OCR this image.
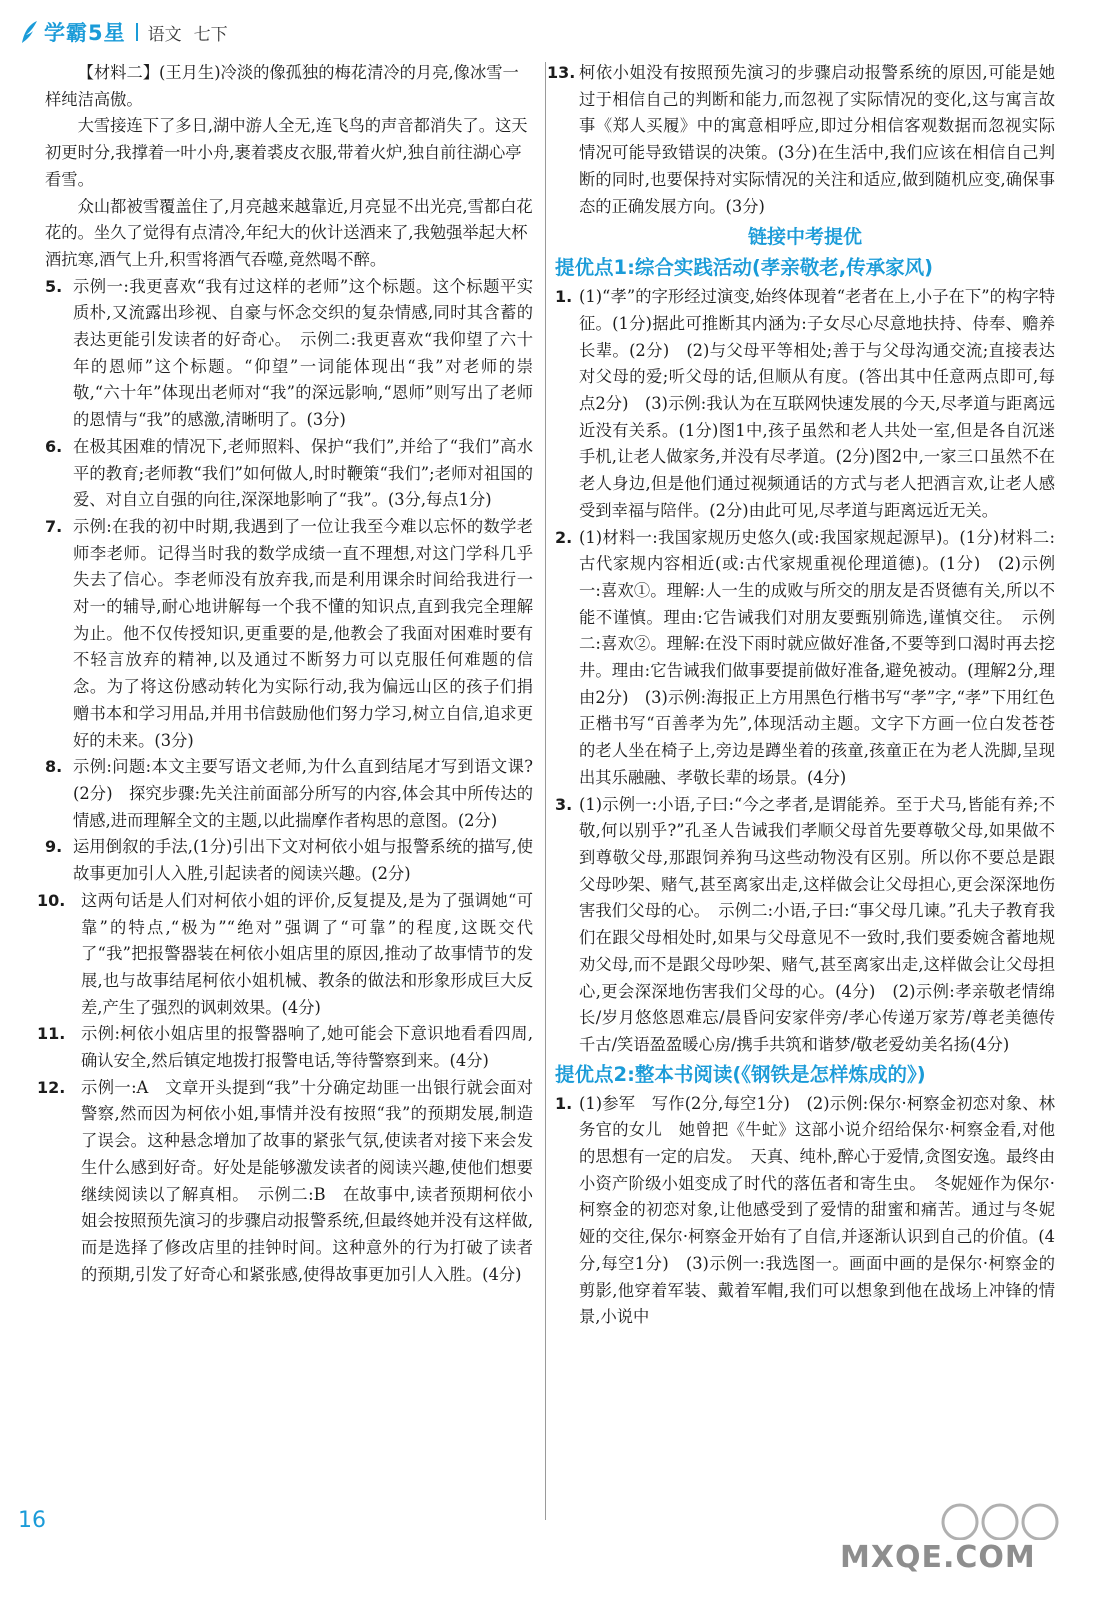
学霸5星 语文 七下

【材料二】(王月生)冷淡的像孤独的梅花清冷的月亮,像冰雪一样纯洁高傲。

大雪接连下了多日,湖中游人全无,连飞鸟的声音都消失了。这天初更时分,我撑着一叶小舟,裹着裘皮衣服,带着火炉,独自前往湖心亭看雪。

众山都被雪覆盖住了,月亮越来越靠近,月亮显不出光亮,雪都白花花的。坐久了觉得有点清冷,年纪大的伙计送酒来了,我勉强举起大杯酒抗寒,酒气上升,积雪将酒气吞噬,竟然喝不醉。

5. 示例一:我更喜欢“我有过这样的老师”这个标题。这个标题平实质朴,又流露出珍视、自豪与怀念交织的复杂情感,同时其含蓄的表达更能引发读者的好奇心。　示例二:我更喜欢“我仰望了六十年的恩师”这个标题。“仰望”一词能体现出“我”对老师的崇敬,“六十年”体现出老师对“我”的深远影响,“恩师”则写出了老师的恩情与“我”的感激,清晰明了。(3分)
6. 在极其困难的情况下,老师照料、保护“我们”,并给了“我们”高水平的教育;老师教“我们”如何做人,时时鞭策“我们”;老师对祖国的爱、对自立自强的向往,深深地影响了“我”。(3分,每点1分)
7. 示例:在我的初中时期,我遇到了一位让我至今难以忘怀的数学老师李老师。记得当时我的数学成绩一直不理想,对这门学科几乎失去了信心。李老师没有放弃我,而是利用课余时间给我进行一对一的辅导,耐心地讲解每一个我不懂的知识点,直到我完全理解为止。他不仅传授知识,更重要的是,他教会了我面对困难时要有不轻言放弃的精神,以及通过不断努力可以克服任何难题的信念。为了将这份感动转化为实际行动,我为偏远山区的孩子们捐赠书本和学习用品,并用书信鼓励他们努力学习,树立自信,追求更好的未来。(3分)
8. 示例:问题:本文主要写语文老师,为什么直到结尾才写到语文课?(2分)　探究步骤:先关注前面部分所写的内容,体会其中所传达的情感,进而理解全文的主题,以此揣摩作者构思的意图。(2分)
9. 运用倒叙的手法,(1分)引出下文对柯依小姐与报警系统的描写,使故事更加引人入胜,引起读者的阅读兴趣。(2分)
10. 这两句话是人们对柯依小姐的评价,反复提及,是为了强调她“可靠”的特点,“极为”“绝对”强调了“可靠”的程度,这既交代了“我”把报警器装在柯依小姐店里的原因,推动了故事情节的发展,也与故事结尾柯依小姐机械、教条的做法和形象形成巨大反差,产生了强烈的讽刺效果。(4分)
11. 示例:柯依小姐店里的报警器响了,她可能会下意识地看看四周,确认安全,然后镇定地拨打报警电话,等待警察到来。(4分)
12. 示例一:A　文章开头提到“我”十分确定劫匪一出银行就会面对警察,然而因为柯依小姐,事情并没有按照“我”的预期发展,制造了误会。这种悬念增加了故事的紧张气氛,使读者对接下来会发生什么感到好奇。好处是能够激发读者的阅读兴趣,使他们想要继续阅读以了解真相。　示例二:B　在故事中,读者预期柯依小姐会按照预先演习的步骤启动报警系统,但最终她并没有这样做,而是选择了修改店里的挂钟时间。这种意外的行为打破了读者的预期,引发了好奇心和紧张感,使得故事更加引人入胜。(4分)
13. 柯依小姐没有按照预先演习的步骤启动报警系统的原因,可能是她过于相信自己的判断和能力,而忽视了实际情况的变化,这与寓言故事《郑人买履》中的寓意相呼应,即过分相信客观数据而忽视实际情况可能导致错误的决策。(3分)在生活中,我们应该在相信自己判断的同时,也要保持对实际情况的关注和适应,做到随机应变,确保事态的正确发展方向。(3分)
链接中考提优
提优点1:综合实践活动(孝亲敬老,传承家风)
1. (1)“孝”的字形经过演变,始终体现着“老者在上,小子在下”的构字特征。(1分)据此可推断其内涵为:子女尽心尽意地扶持、侍奉、赡养长辈。(2分)　(2)与父母平等相处;善于与父母沟通交流;直接表达对父母的爱;听父母的话,但顺从有度。(答出其中任意两点即可,每点2分)　(3)示例:我认为在互联网快速发展的今天,尽孝道与距离远近没有关系。(1分)图1中,孩子虽然和老人共处一室,但是各自沉迷手机,让老人做家务,并没有尽孝道。(2分)图2中,一家三口虽然不在老人身边,但是他们通过视频通话的方式与老人把酒言欢,让老人感受到幸福与陪伴。(2分)由此可见,尽孝道与距离远近无关。
2. (1)材料一:我国家规历史悠久(或:我国家规起源早)。(1分)材料二:古代家规内容相近(或:古代家规重视伦理道德)。(1分)　(2)示例一:喜欢①。理解:人一生的成败与所交的朋友是否贤德有关,所以不能不谨慎。理由:它告诫我们对朋友要甄别筛选,谨慎交往。　示例二:喜欢②。理解:在没下雨时就应做好准备,不要等到口渴时再去挖井。理由:它告诫我们做事要提前做好准备,避免被动。(理解2分,理由2分)　(3)示例:海报正上方用黑色行楷书写“孝”字,“孝”下用红色正楷书写“百善孝为先”,体现活动主题。文字下方画一位白发苍苍的老人坐在椅子上,旁边是蹲坐着的孩童,孩童正在为老人洗脚,呈现出其乐融融、孝敬长辈的场景。(4分)
3. (1)示例一:小语,子曰:“今之孝者,是谓能养。至于犬马,皆能有养;不敬,何以别乎?”孔圣人告诫我们孝顺父母首先要尊敬父母,如果做不到尊敬父母,那跟饲养狗马这些动物没有区别。所以你不要总是跟父母吵架、赌气,甚至离家出走,这样做会让父母担心,更会深深地伤害我们父母的心。　示例二:小语,子曰:“事父母几谏。”孔夫子教育我们在跟父母相处时,如果与父母意见不一致时,我们要委婉含蓄地规劝父母,而不是跟父母吵架、赌气,甚至离家出走,这样做会让父母担心,更会深深地伤害我们父母的心。(4分)　(2)示例:孝亲敬老情绵长/岁月悠悠恩难忘/晨昏问安家伴旁/孝心传递万家芳/尊老美德传千古/笑语盈盈暖心房/携手共筑和谐梦/敬老爱幼美名扬(4分)
提优点2:整本书阅读(《钢铁是怎样炼成的》)
1. (1)参军　写作(2分,每空1分)　(2)示例:保尔·柯察金初恋对象、林务官的女儿　她曾把《牛虻》这部小说介绍给保尔·柯察金看,对他的思想有一定的启发。　天真、纯朴,醉心于爱情,贪图安逸。最终由小资产阶级小姐变成了时代的落伍者和寄生虫。　冬妮娅作为保尔·柯察金的初恋对象,让他感受到了爱情的甜蜜和痛苦。通过与冬妮娅的交往,保尔·柯察金开始有了自信,并逐渐认识到自己的价值。(4分,每空1分)　(3)示例一:我选图一。画面中画的是保尔·柯察金的剪影,他穿着军装、戴着军帽,我们可以想象到他在战场上冲锋的情景,小说中
16
MXQE.COM
